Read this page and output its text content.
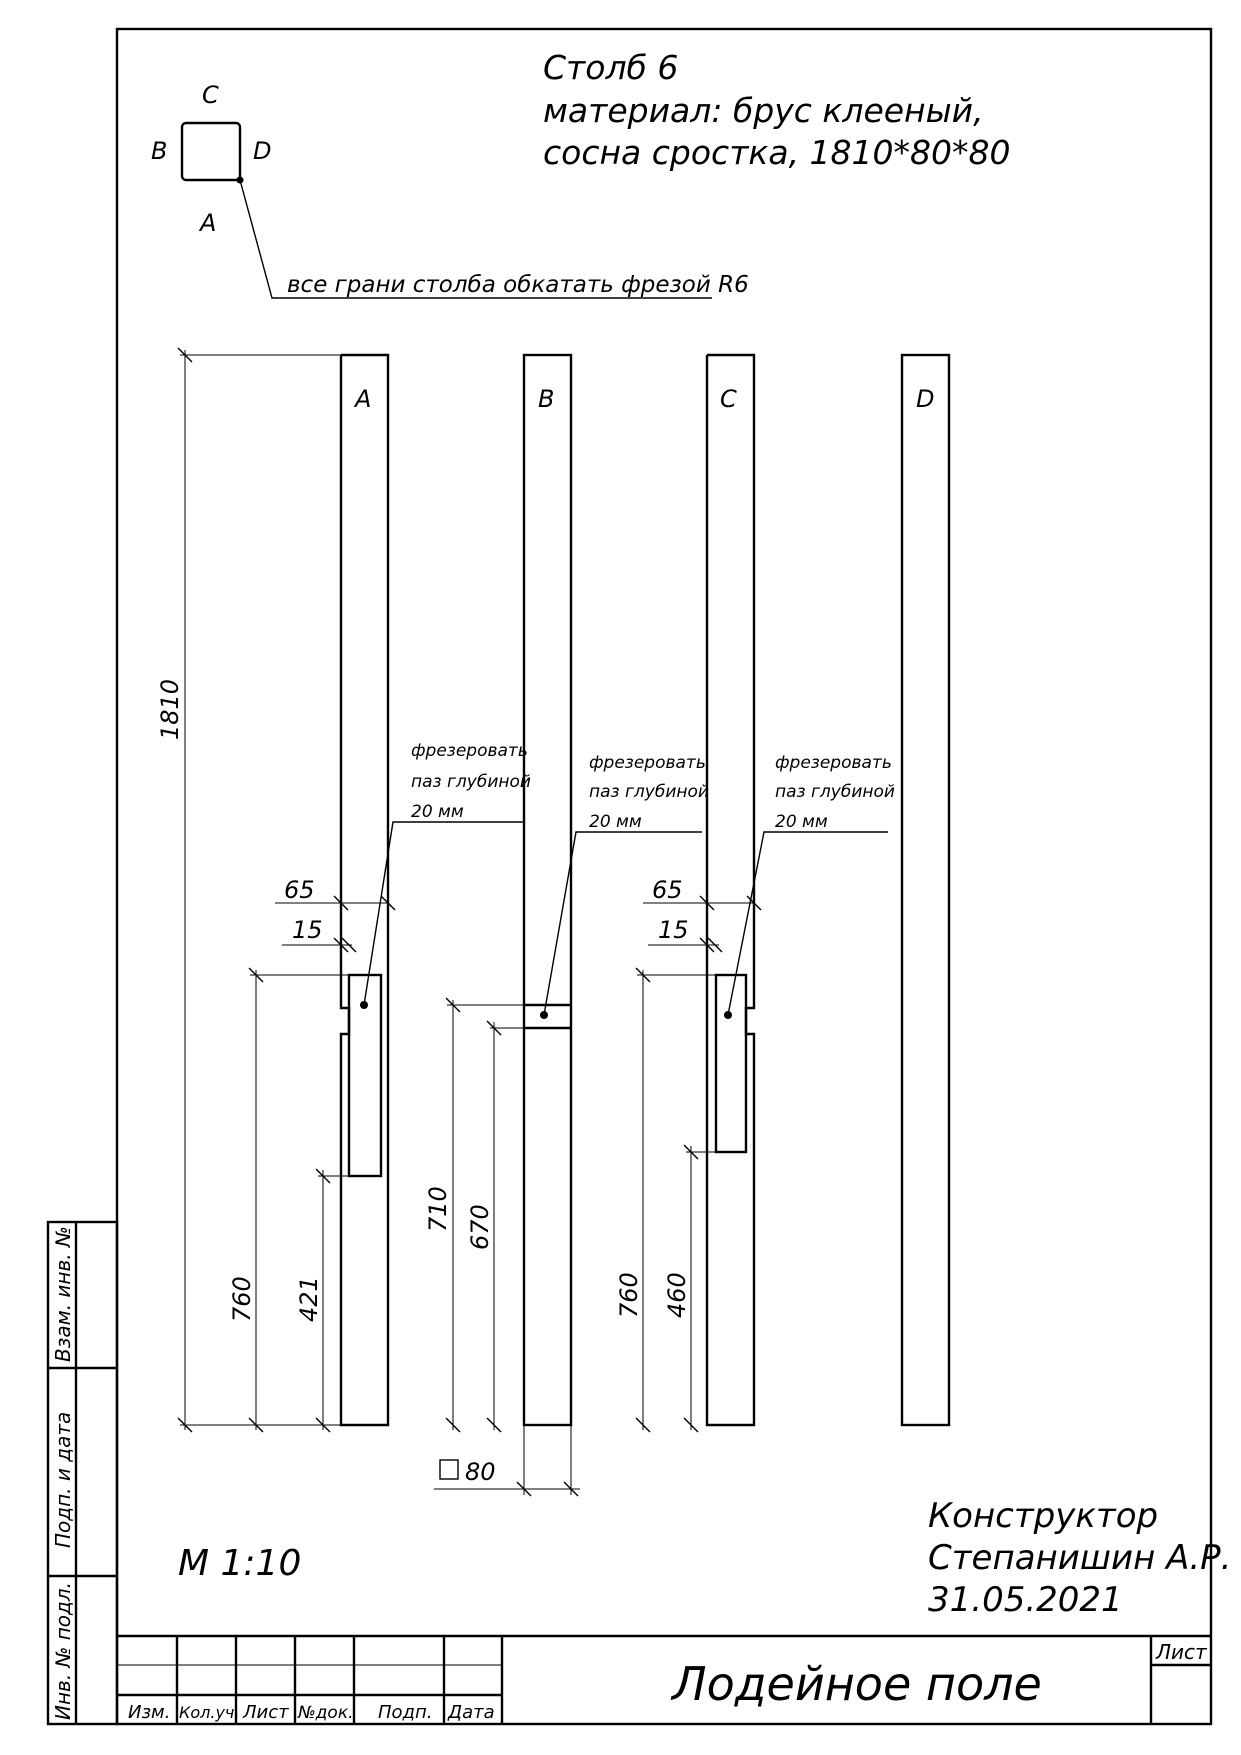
Инв. № подл.
Подп. и дата
Взам. инв. №
Столб 6
материал: брус клееный,
сосна сростка, 1810*80*80
C
B	D
A
все грани столба обкатать фрезой R6
A	B	C	D
фрезеровать
паз глубиной
20 мм
фрезеровать
паз глубиной
20 мм
фрезеровать
паз глубиной
20 мм
1810
65
15
760 421
710 670
80
65
15
760 460
М 1:10
Конструктор
Степанишин А.Р.
31.05.2021
Изм. Кол.уч. Лист №док. Подп. Дата
Лодейное поле
Лист
